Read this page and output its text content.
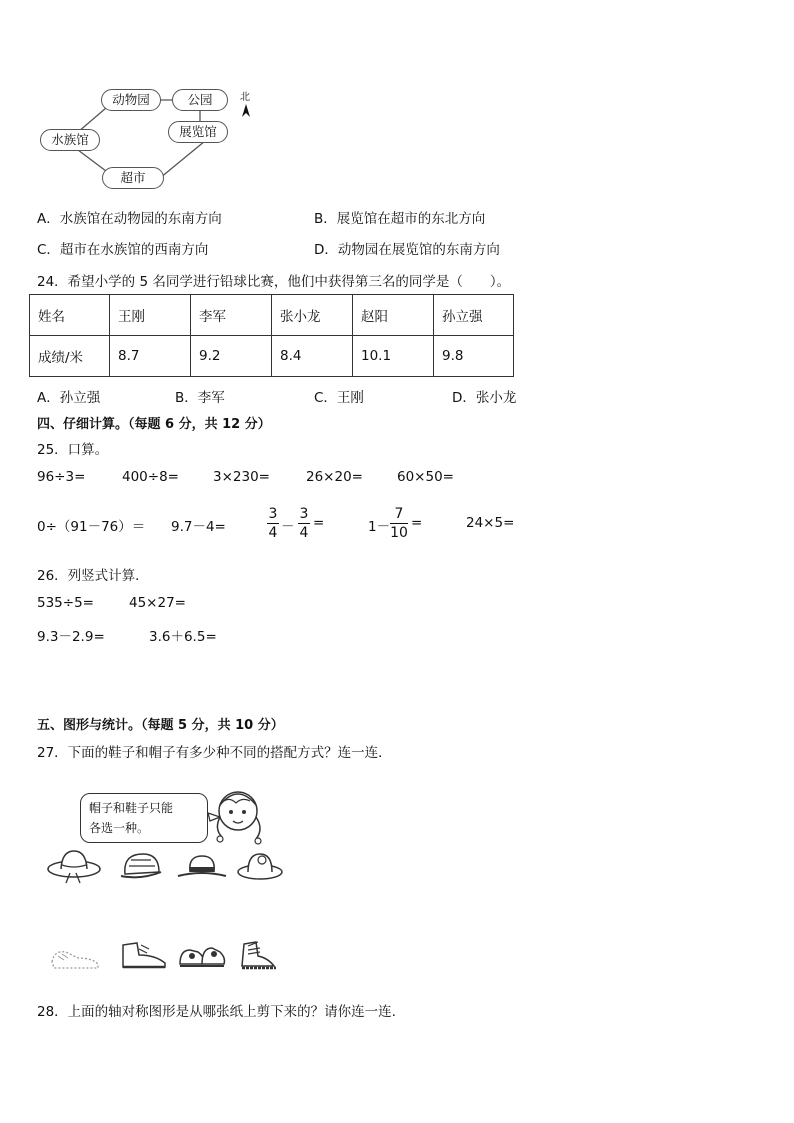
动物园	公园
展览馆
水族馆
超市
北
A．水族馆在动物园的东南方向	B．展览馆在超市的东北方向
C．超市在水族馆的西南方向	D．动物园在展览馆的东南方向
24．希望小学的 5 名同学进行铅球比赛，他们中获得第三名的同学是（　　）。
姓名	王刚	李军	张小龙	赵阳	孙立强
成绩/米	8.7	9.2	8.4	10.1	9.8
A．孙立强	B．李军	C．王刚	D．张小龙
四、仔细计算。（每题 6 分，共 12 分）
25．口算。
96÷3=	400÷8=	3×230=	26×20=	60×50=
0÷（91－76）＝ 9.7－4=
3
4 －
3
4
=	1－
7
10
=	24×5=
26．列竖式计算．
535÷5=	45×27=
9.3－2.9=	3.6＋6.5=
五、图形与统计。（每题 5 分，共 10 分）
27．下面的鞋子和帽子有多少种不同的搭配方式？连一连．
帽子和鞋子只能
各选一种。
28．上面的轴对称图形是从哪张纸上剪下来的？请你连一连.
